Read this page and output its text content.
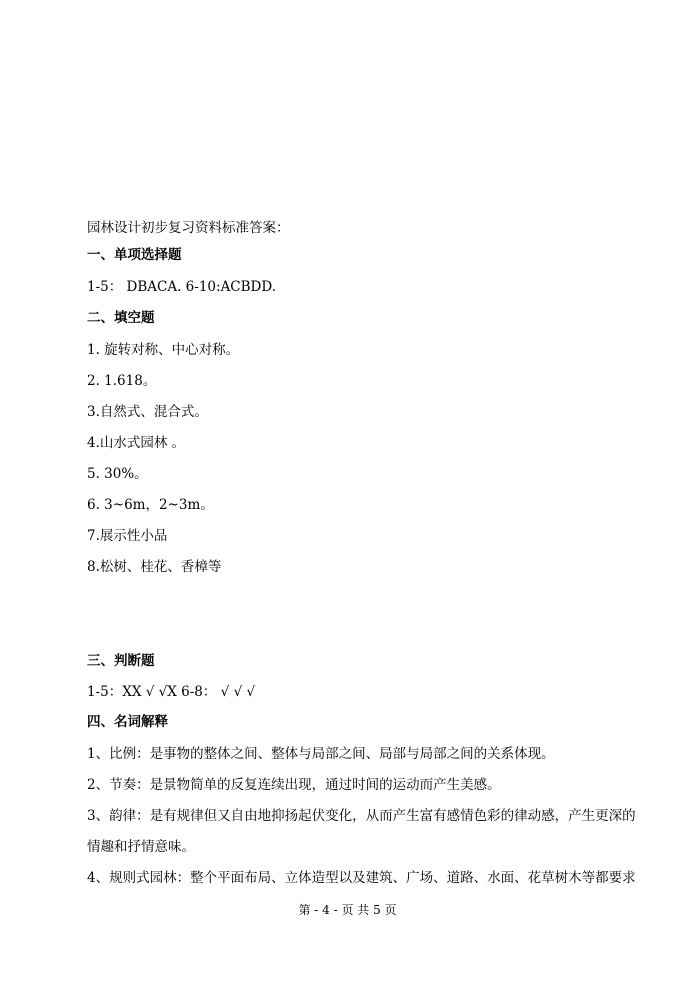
园林设计初步复习资料标准答案：
一、单项选择题
1-5： DBACA. 6-10:ACBDD.
二、填空题
1. 旋转对称、中心对称。
2. 1.618。
3.自然式、混合式。
4.山水式园林 。
5. 30%。
6. 3~6m，2~3m。
7.展示性小品
8.松树、桂花、香樟等
三、判断题
1-5：XX √ √X 6-8： √ √ √
四、名词解释
1、比例：是事物的整体之间、整体与局部之间、局部与局部之间的关系体现。
2、节奏：是景物简单的反复连续出现，通过时间的运动而产生美感。
3、韵律：是有规律但又自由地抑扬起伏变化，从而产生富有感情色彩的律动感，产生更深的
情趣和抒情意味。
4、规则式园林：整个平面布局、立体造型以及建筑、广场、道路、水面、花草树木等都要求
第 - 4 - 页 共 5 页
